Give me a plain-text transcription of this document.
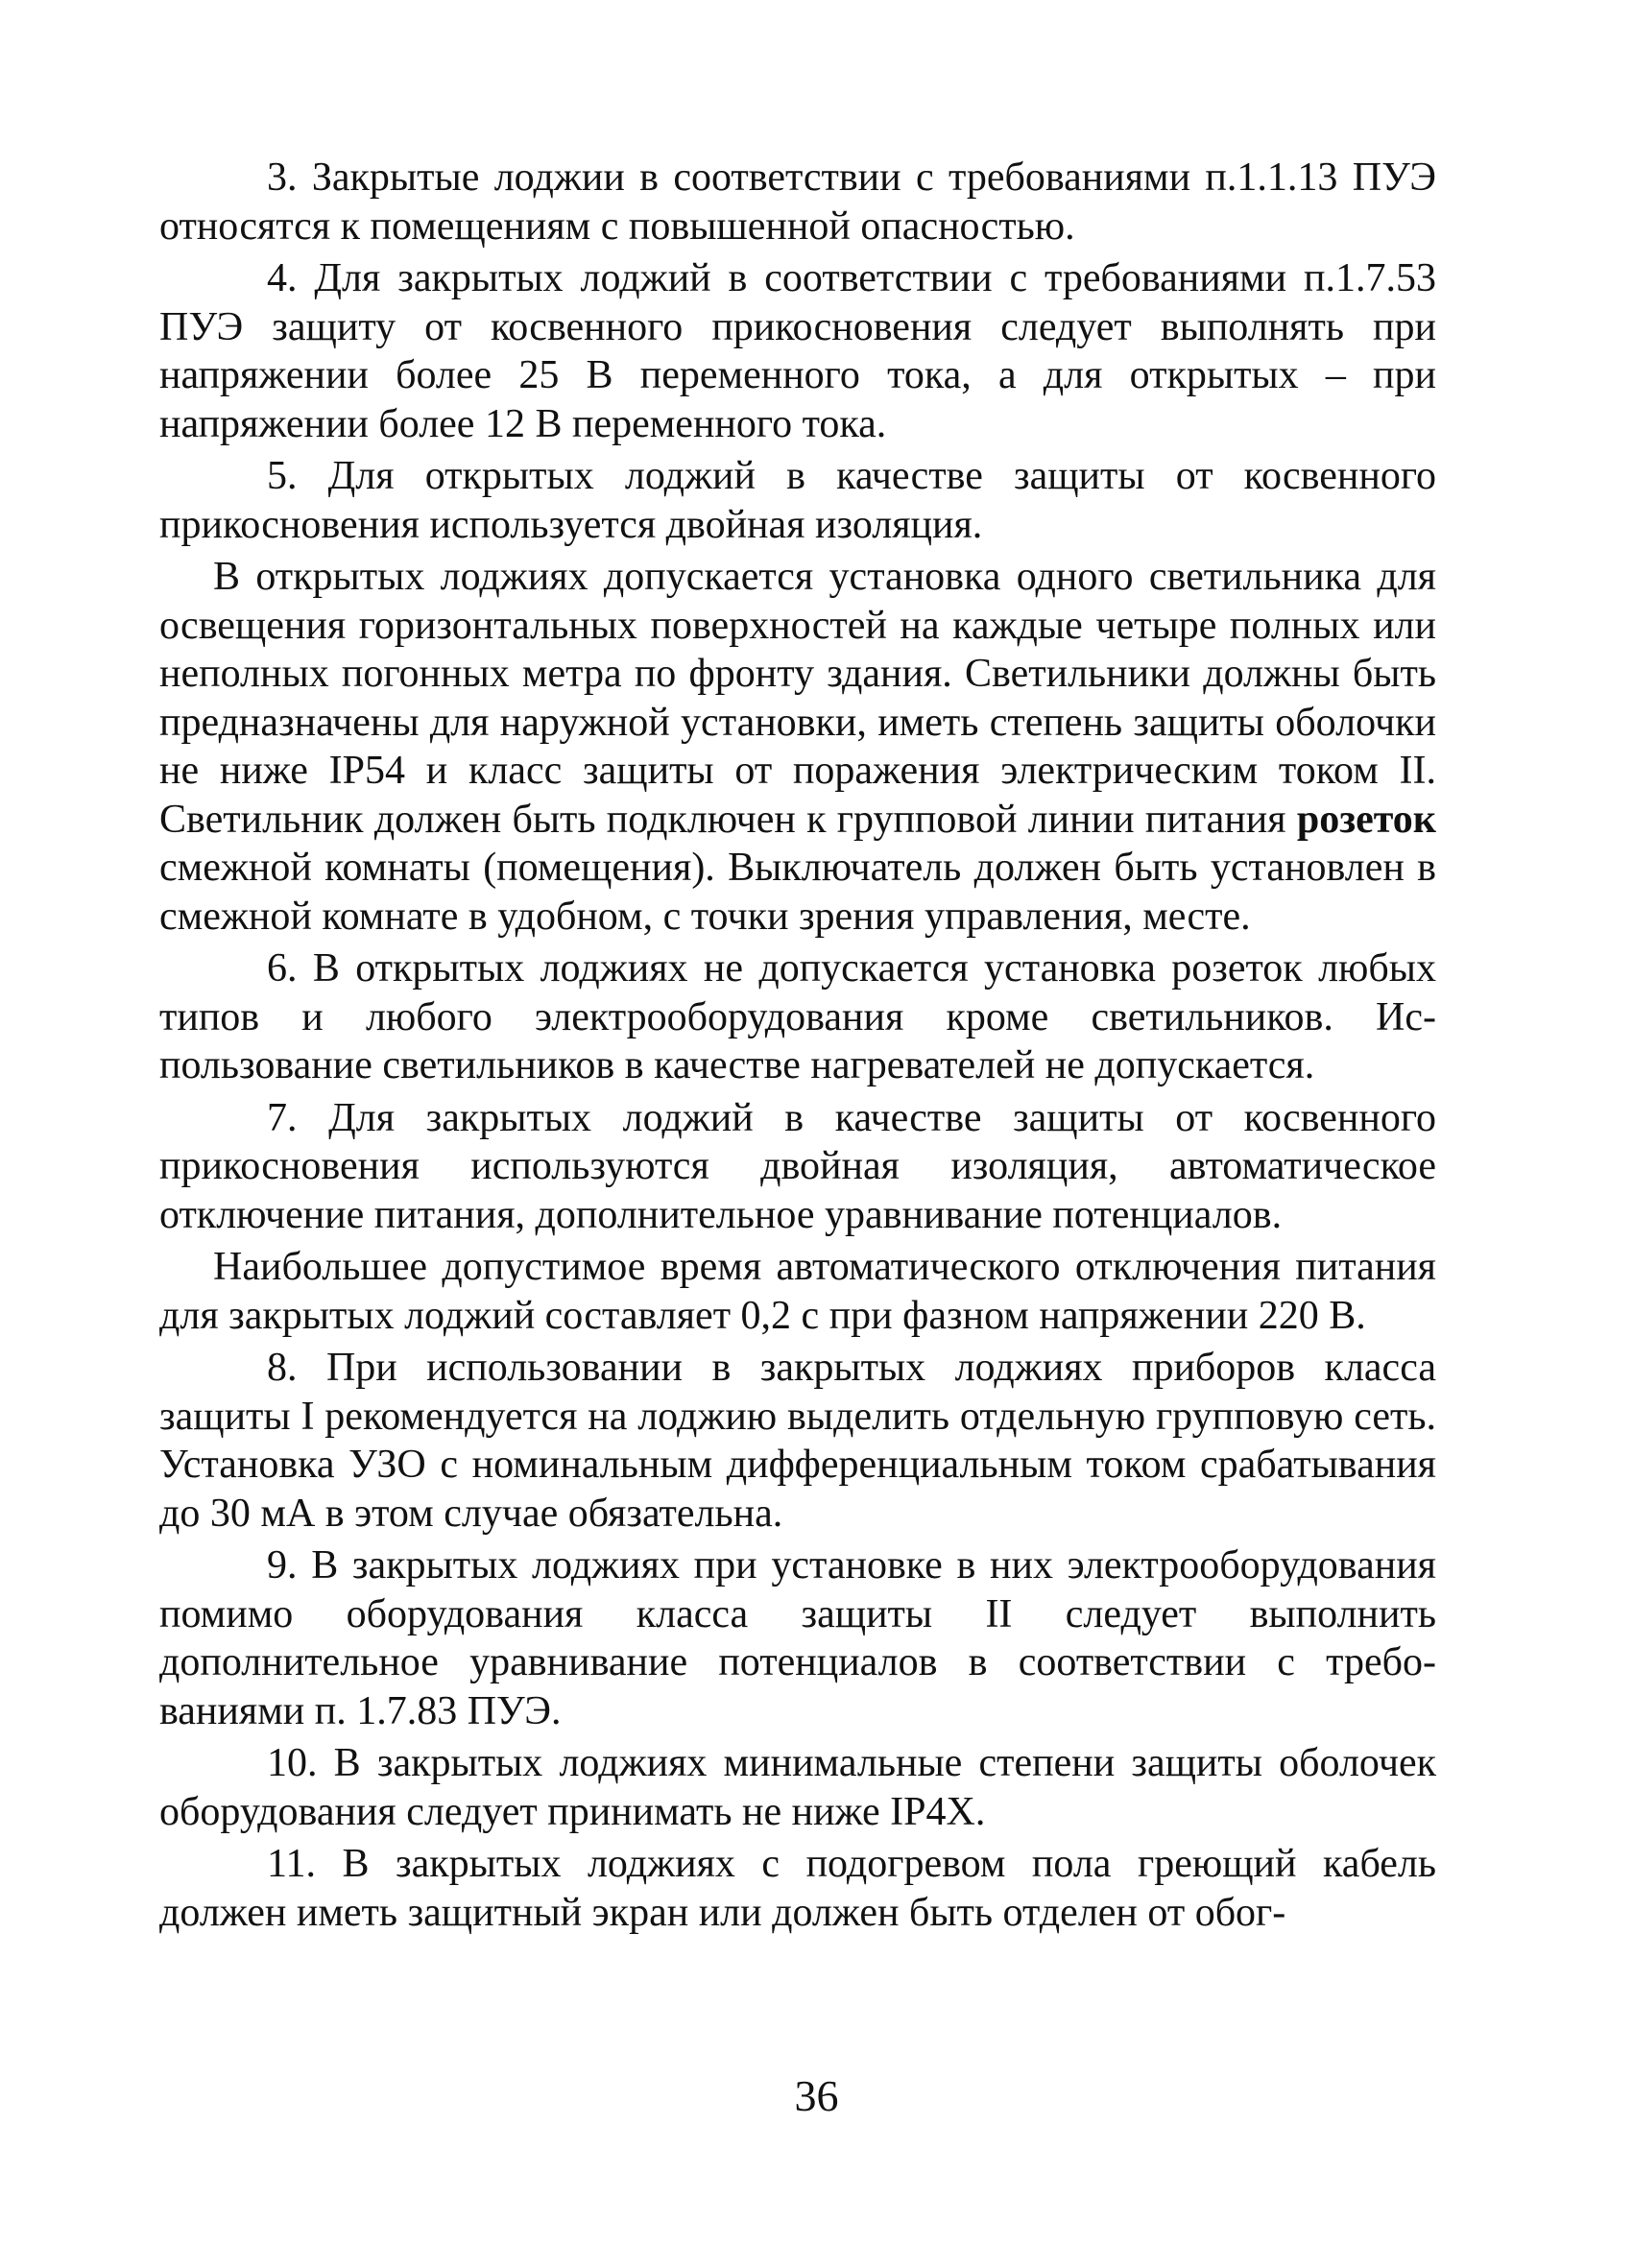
3. Закрытые лоджии в соответствии с требованиями п.1.1.13 ПУЭ относятся к помещениям с повышенной опасностью.

4. Для закрытых лоджий в соответствии с требованиями п.1.7.53 ПУЭ защиту от косвенного прикосновения следует выполнять при напряжении более 25 В переменного тока, а для открытых – при напряжении более 12 В переменного тока.

5. Для открытых лоджий в качестве защиты от косвенного прикосновения используется двойная изоляция.

В открытых лоджиях допускается установка одного светильника для освещения горизонтальных поверхностей на каждые четыре полных или неполных погонных метра по фронту здания. Светильники должны быть предназначены для наружной установки, иметь степень защиты оболочки не ниже IP54 и класс защиты от поражения электрическим током II. Светильник должен быть подключен к групповой линии питания розеток смежной комнаты (помещения). Выключатель должен быть установлен в смежной комнате в удобном, с точки зрения управления, месте.

6. В открытых лоджиях не допускается установка розеток любых типов и любого электрооборудования кроме светильников. Использование светильников в качестве нагревателей не допускается.

7. Для закрытых лоджий в качестве защиты от косвенного прикосновения используются двойная изоляция, автоматическое отключение питания, дополнительное уравнивание потенциалов.

Наибольшее допустимое время автоматического отключения питания для закрытых лоджий составляет 0,2 с при фазном напряжении 220 В.

8. При использовании в закрытых лоджиях приборов класса защиты I рекомендуется на лоджию выделить отдельную групповую сеть. Установка УЗО с номинальным дифференциальным током срабатывания до 30 мА в этом случае обязательна.

9. В закрытых лоджиях при установке в них электрооборудования помимо оборудования класса защиты II следует выполнить дополнительное уравнивание потенциалов в соответствии с требованиями п. 1.7.83 ПУЭ.

10. В закрытых лоджиях минимальные степени защиты оболочек оборудования следует принимать не ниже IP4X.

11. В закрытых лоджиях с подогревом пола греющий кабель должен иметь защитный экран или должен быть отделен от обог-

36
